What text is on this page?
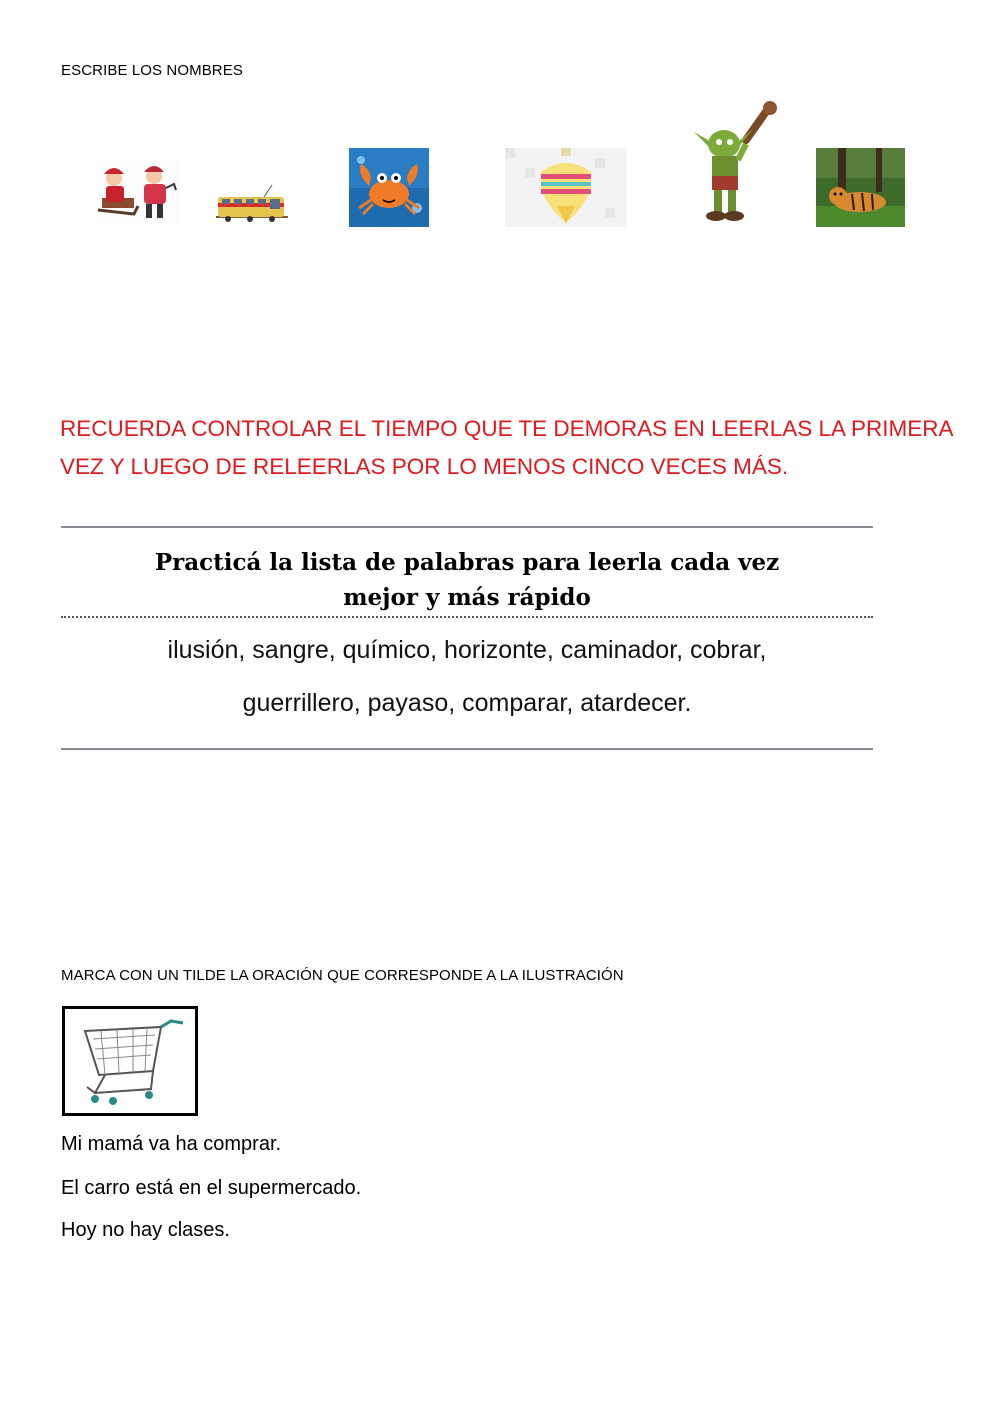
ESCRIBE LOS NOMBRES
RECUERDA CONTROLAR EL TIEMPO QUE TE DEMORAS EN LEERLAS LA PRIMERA
VEZ Y LUEGO DE RELEERLAS POR LO MENOS CINCO VECES MÁS.
Practicá la lista de palabras para leerla cada vez
mejor y más rápido
ilusión, sangre, químico, horizonte, caminador, cobrar,
guerrillero, payaso, comparar, atardecer.
MARCA CON UN TILDE LA ORACIÓN QUE CORRESPONDE A LA ILUSTRACIÓN
Mi mamá va ha comprar.
El carro está en el supermercado.
Hoy no hay clases.
